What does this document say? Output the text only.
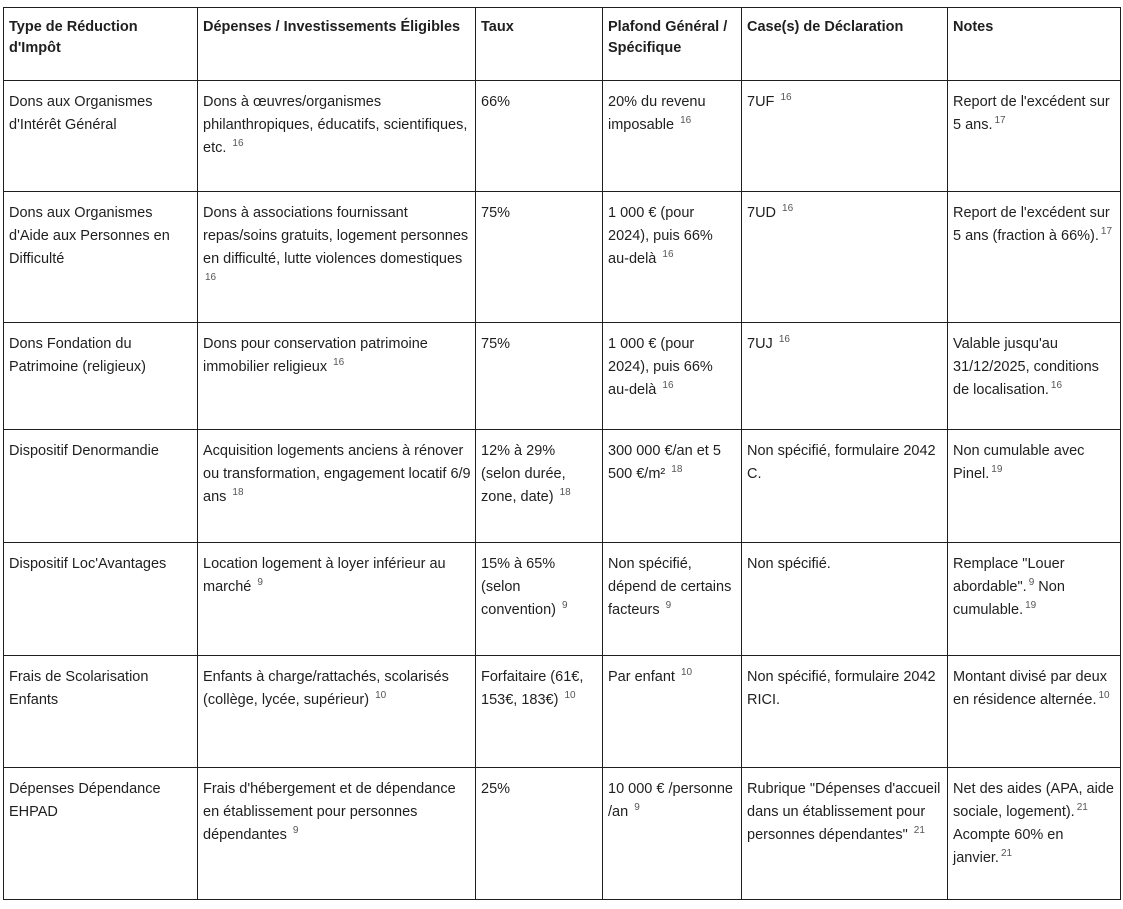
Type de Réduction d'Impôt	Dépenses / Investissements Éligibles	Taux	Plafond Général / Spécifique	Case(s) de Déclaration	Notes
Dons aux Organismes d'Intérêt Général	Dons à œuvres/organismes philanthropiques, éducatifs, scientifiques, etc. $^{16}$	66%	20% du revenu imposable $^{16}$	7UF $^{16}$	Report de l'excédent sur 5 ans. $^{17}$
Dons aux Organismes d'Aide aux Personnes en Difficulté	Dons à associations fournissant repas/soins gratuits, logement personnes en difficulté, lutte violences domestiques $^{16}$	75%	1 000 € (pour 2024), puis 66% au-delà $^{16}$	7UD $^{16}$	Report de l'excédent sur 5 ans (fraction à 66%). $^{17}$
Dons Fondation du Patrimoine (religieux)	Dons pour conservation patrimoine immobilier religieux $^{16}$	75%	1 000 € (pour 2024), puis 66% au-delà $^{16}$	7UJ $^{16}$	Valable jusqu'au 31/12/2025, conditions de localisation. $^{16}$
Dispositif Denormandie	Acquisition logements anciens à rénover ou transformation, engagement locatif 6/9 ans $^{18}$	12% à 29% (selon durée, zone, date) $^{18}$	300 000 €/an et 5 500 €/m² $^{18}$	Non spécifié, formulaire 2042 C.	Non cumulable avec Pinel. $^{19}$
Dispositif Loc'Avantages	Location logement à loyer inférieur au marché $^9$	15% à 65% (selon convention) $^9$	Non spécifié, dépend de certains facteurs $^9$	Non spécifié.	Remplace "Louer abordable". $^9$ Non cumulable. $^{19}$
Frais de Scolarisation Enfants	Enfants à charge/rattachés, scolarisés (collège, lycée, supérieur) $^{10}$	Forfaitaire (61€, 153€, 183€) $^{10}$	Par enfant $^{10}$	Non spécifié, formulaire 2042 RICI.	Montant divisé par deux en résidence alternée. $^{10}$
Dépenses Dépendance EHPAD	Frais d'hébergement et de dépendance en établissement pour personnes dépendantes $^9$	25%	10 000 € /personne /an $^9$	Rubrique "Dépenses d'accueil dans un établissement pour personnes dépendantes" $^{21}$	Net des aides (APA, aide sociale, logement). $^{21}$ Acompte 60% en janvier. $^{21}$
